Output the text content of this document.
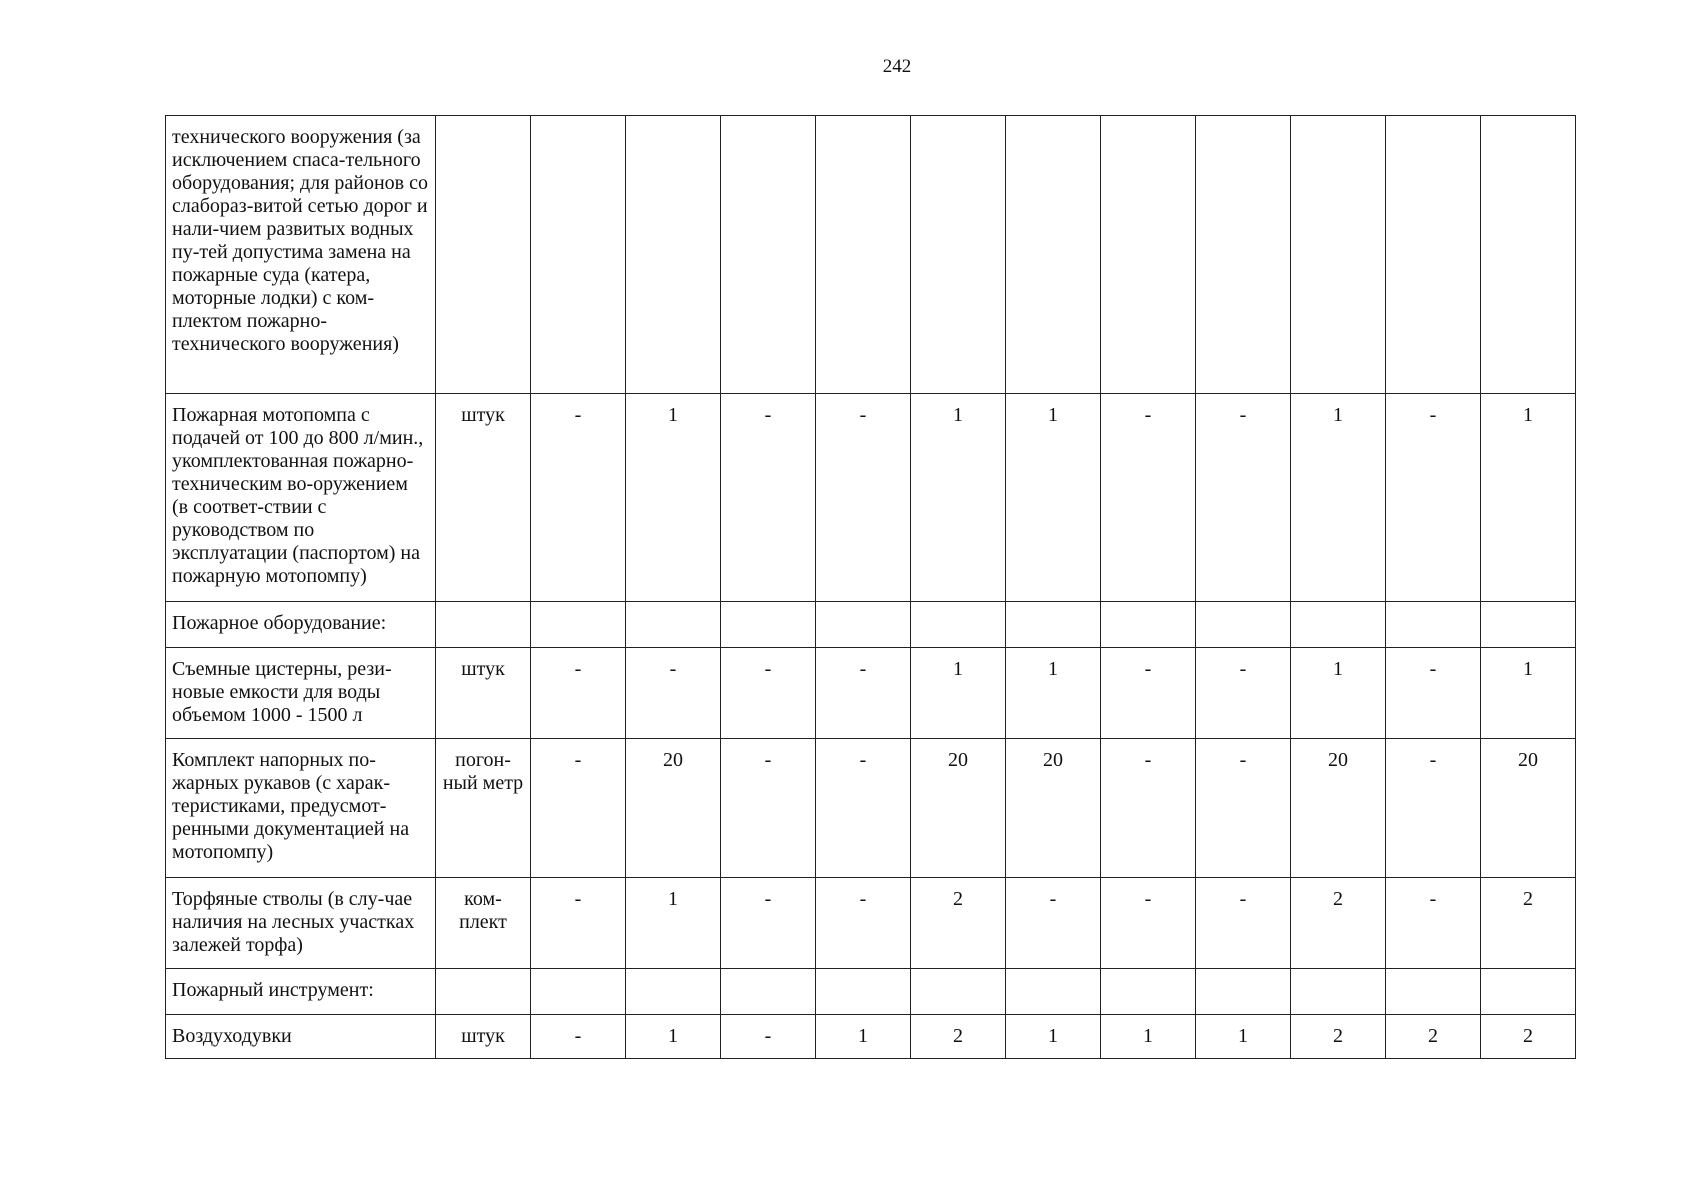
242
технического вооружения (за исключением спаса-тельного оборудования; для районов со слабораз-витой сетью дорог и нали-чием развитых водных пу-тей допустима замена на пожарные суда (катера, моторные лодки) с ком-плектом пожарно-технического вооружения)												
Пожарная мотопомпа с подачей от 100 до 800 л/мин., укомплектованная пожарно-техническим во-оружением (в соответ-ствии с руководством по эксплуатации (паспортом) на пожарную мотопомпу)	штук	-	1	-	-	1	1	-	-	1	-	1
Пожарное оборудование:												
Съемные цистерны, рези-новые емкости для воды объемом 1000 - 1500 л	штук	-	-	-	-	1	1	-	-	1	-	1
Комплект напорных по-жарных рукавов (с харак-теристиками, предусмот-ренными документацией на мотопомпу)	погон-ный метр	-	20	-	-	20	20	-	-	20	-	20
Торфяные стволы (в слу-чае наличия на лесных участках залежей торфа)	ком-плект	-	1	-	-	2	-	-	-	2	-	2
Пожарный инструмент:												
Воздуходувки	штук	-	1	-	1	2	1	1	1	2	2	2
